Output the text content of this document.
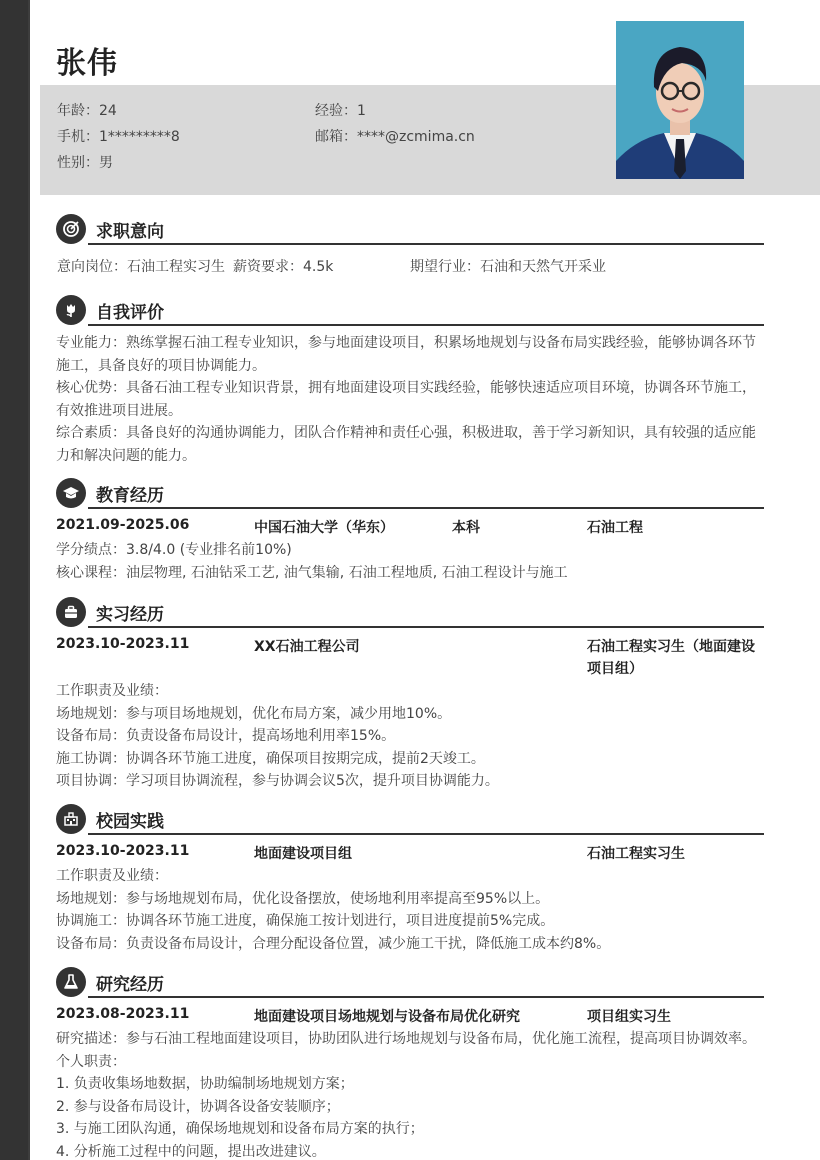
张伟
年龄：24	经验：1
手机：1*********8	邮箱：****@zcmima.cn
性别：男
求职意向
意向岗位：石油工程实习生 薪资要求：4.5k	期望行业：石油和天然气开采业
自我评价

专业能力：熟练掌握石油工程专业知识，参与地面建设项目，积累场地规划与设备布局实践经验，能够协调各环节施工，具备良好的项目协调能力。

核心优势：具备石油工程专业知识背景，拥有地面建设项目实践经验，能够快速适应项目环境，协调各环节施工，有效推进项目进展。

综合素质：具备良好的沟通协调能力，团队合作精神和责任心强，积极进取，善于学习新知识，具有较强的适应能力和解决问题的能力。

教育经历
2021.09-2025.06	中国石油大学（华东）	本科	石油工程
学分绩点：3.8/4.0 (专业排名前10%)
核心课程：油层物理, 石油钻采工艺, 油气集输, 石油工程地质, 石油工程设计与施工
实习经历
2023.10-2023.11	XX石油工程公司	石油工程实习生（地面建设项目组）
工作职责及业绩：
场地规划：参与项目场地规划，优化布局方案，减少用地10%。
设备布局：负责设备布局设计，提高场地利用率15%。
施工协调：协调各环节施工进度，确保项目按期完成，提前2天竣工。
项目协调：学习项目协调流程，参与协调会议5次，提升项目协调能力。
校园实践
2023.10-2023.11	地面建设项目组	石油工程实习生
工作职责及业绩：
场地规划：参与场地规划布局，优化设备摆放，使场地利用率提高至95%以上。
协调施工：协调各环节施工进度，确保施工按计划进行，项目进度提前5%完成。
设备布局：负责设备布局设计，合理分配设备位置，减少施工干扰，降低施工成本约8%。
研究经历
2023.08-2023.11	地面建设项目场地规划与设备布局优化研究	项目组实习生
研究描述：参与石油工程地面建设项目，协助团队进行场地规划与设备布局，优化施工流程，提高项目协调效率。
个人职责：
1. 负责收集场地数据，协助编制场地规划方案；
2. 参与设备布局设计，协调各设备安装顺序；
3. 与施工团队沟通，确保场地规划和设备布局方案的执行；
4. 分析施工过程中的问题，提出改进建议。
